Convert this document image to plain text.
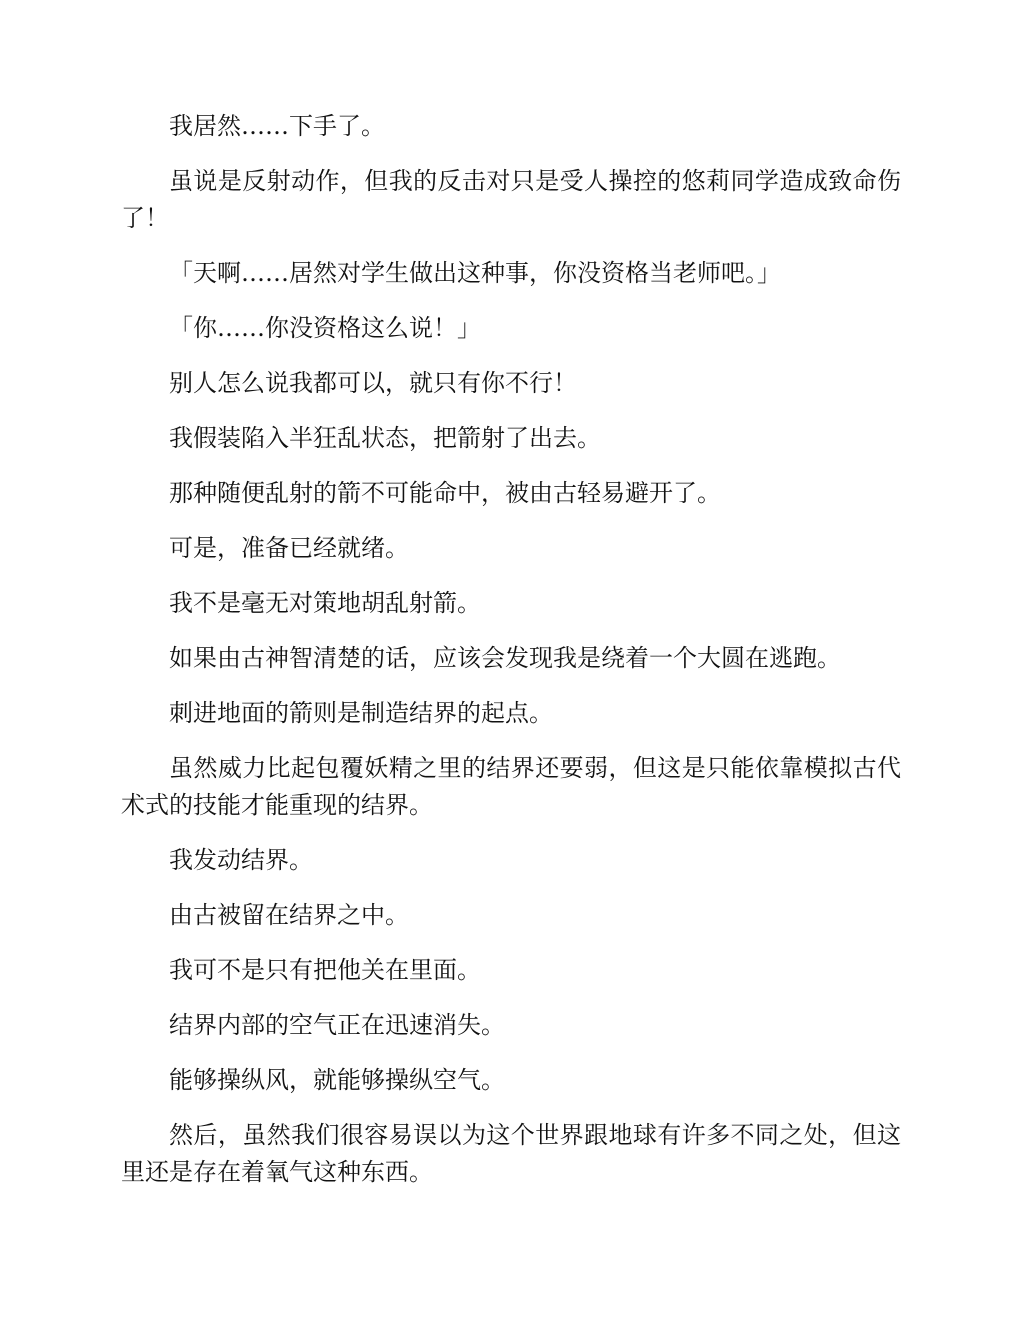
我居然……下手了。

虽说是反射动作，但我的反击对只是受人操控的悠莉同学造成致命伤了！

「天啊……居然对学生做出这种事，你没资格当老师吧。」

「你……你没资格这么说！」

别人怎么说我都可以，就只有你不行！

我假装陷入半狂乱状态，把箭射了出去。

那种随便乱射的箭不可能命中，被由古轻易避开了。

可是，准备已经就绪。

我不是毫无对策地胡乱射箭。

如果由古神智清楚的话，应该会发现我是绕着一个大圆在逃跑。

刺进地面的箭则是制造结界的起点。

虽然威力比起包覆妖精之里的结界还要弱，但这是只能依靠模拟古代术式的技能才能重现的结界。

我发动结界。

由古被留在结界之中。

我可不是只有把他关在里面。

结界内部的空气正在迅速消失。

能够操纵风，就能够操纵空气。

然后，虽然我们很容易误以为这个世界跟地球有许多不同之处，但这里还是存在着氧气这种东西。
